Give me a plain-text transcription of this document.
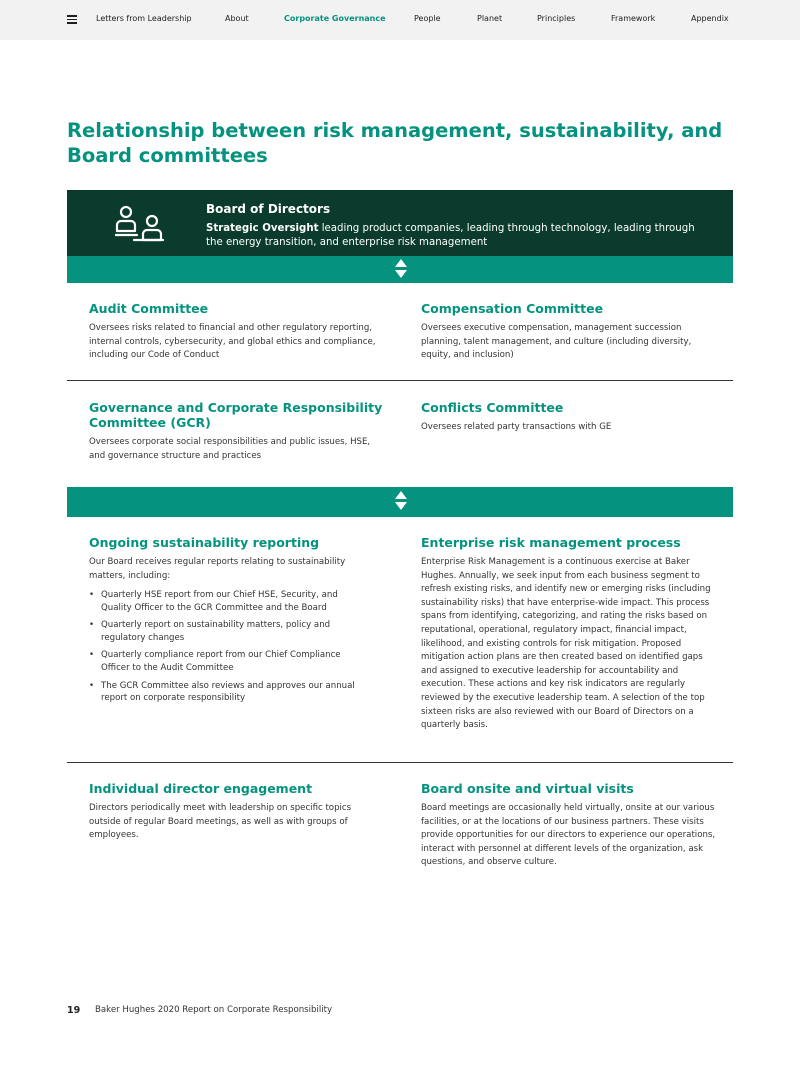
Letters from Leadership	About	Corporate Governance	People	Planet	Principles	Framework	Appendix
Relationship between risk management, sustainability, and Board committees
Board of Directors
Strategic Oversight leading product companies, leading through technology, leading through the energy transition, and enterprise risk management
Audit Committee
Oversees risks related to financial and other regulatory reporting, internal controls, cybersecurity, and global ethics and compliance, including our Code of Conduct
Compensation Committee
Oversees executive compensation, management succession planning, talent management, and culture (including diversity, equity, and inclusion)
Governance and Corporate Responsibility Committee (GCR)
Oversees corporate social responsibilities and public issues, HSE, and governance structure and practices
Conflicts Committee
Oversees related party transactions with GE
Ongoing sustainability reporting
Our Board receives regular reports relating to sustainability matters, including:
• Quarterly HSE report from our Chief HSE, Security, and Quality Officer to the GCR Committee and the Board
• Quarterly report on sustainability matters, policy and regulatory changes
• Quarterly compliance report from our Chief Compliance Officer to the Audit Committee
• The GCR Committee also reviews and approves our annual report on corporate responsibility
Enterprise risk management process
Enterprise Risk Management is a continuous exercise at Baker Hughes. Annually, we seek input from each business segment to refresh existing risks, and identify new or emerging risks (including sustainability risks) that have enterprise-wide impact. This process spans from identifying, categorizing, and rating the risks based on reputational, operational, regulatory impact, financial impact, likelihood, and existing controls for risk mitigation. Proposed mitigation action plans are then created based on identified gaps and assigned to executive leadership for accountability and execution. These actions and key risk indicators are regularly reviewed by the executive leadership team. A selection of the top sixteen risks are also reviewed with our Board of Directors on a quarterly basis.
Individual director engagement
Directors periodically meet with leadership on specific topics outside of regular Board meetings, as well as with groups of employees.
Board onsite and virtual visits
Board meetings are occasionally held virtually, onsite at our various facilities, or at the locations of our business partners. These visits provide opportunities for our directors to experience our operations, interact with personnel at different levels of the organization, ask questions, and observe culture.
19 Baker Hughes 2020 Report on Corporate Responsibility
